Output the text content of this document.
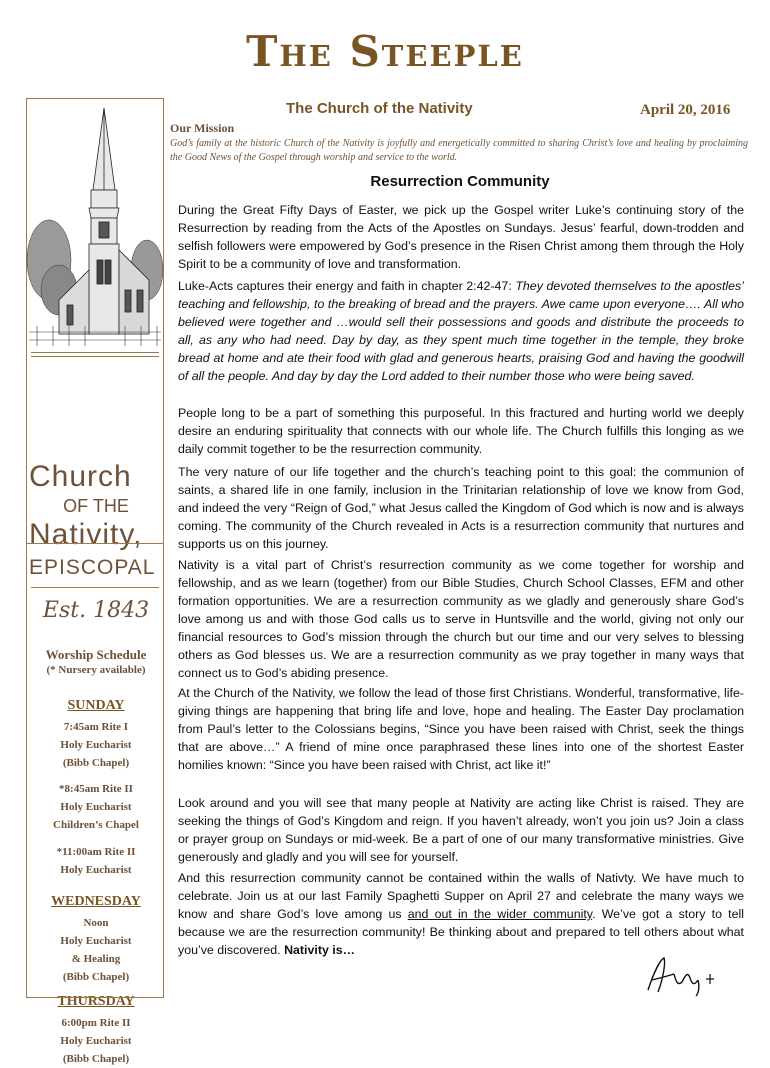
The Steeple
The Church of the Nativity	April 20, 2016
Church
OF THE
Nativity,
EPISCOPAL
Est. 1843
Worship Schedule
(* Nursery available)
SUNDAY
7:45am Rite I
Holy Eucharist
(Bibb Chapel)
*8:45am Rite II
Holy Eucharist
Children’s Chapel
*11:00am Rite II
Holy Eucharist
WEDNESDAY
Noon
Holy Eucharist
& Healing
(Bibb Chapel)
THURSDAY
6:00pm Rite II
Holy Eucharist
(Bibb Chapel)
Our Mission
God’s family at the historic Church of the Nativity is joyfully and energetically committed to sharing Christ’s love and healing by proclaiming the Good News of the Gospel through worship and service to the world.
Resurrection Community
During the Great Fifty Days of Easter, we pick up the Gospel writer Luke’s continuing story of the Resurrection by reading from the Acts of the Apostles on Sundays. Jesus’ fearful, down-trodden and selfish followers were empowered by God’s presence in the Risen Christ among them through the Holy Spirit to be a community of love and transformation.
Luke-Acts captures their energy and faith in chapter 2:42-47: They devoted themselves to the apostles’ teaching and fellowship, to the breaking of bread and the prayers. Awe came upon everyone…. All who believed were together and …would sell their possessions and goods and distribute the proceeds to all, as any who had need. Day by day, as they spent much time together in the temple, they broke bread at home and ate their food with glad and generous hearts, praising God and having the goodwill of all the people. And day by day the Lord added to their number those who were being saved.
People long to be a part of something this purposeful. In this fractured and hurting world we deeply desire an enduring spirituality that connects with our whole life. The Church fulfills this longing as we daily commit together to be the resurrection community.
The very nature of our life together and the church’s teaching point to this goal: the communion of saints, a shared life in one family, inclusion in the Trinitarian relationship of love we know from God, and indeed the very “Reign of God,” what Jesus called the Kingdom of God which is now and is always coming. The community of the Church revealed in Acts is a resurrection community that nurtures and supports us on this journey.
Nativity is a vital part of Christ’s resurrection community as we come together for worship and fellowship, and as we learn (together) from our Bible Studies, Church School Classes, EFM and other formation opportunities. We are a resurrection community as we gladly and generously share God’s love among us and with those God calls us to serve in Huntsville and the world, giving not only our financial resources to God’s mission through the church but our time and our very selves to blessing others as God blesses us. We are a resurrection community as we pray together in many ways that connect us to God’s abiding presence.
At the Church of the Nativity, we follow the lead of those first Christians. Wonderful, transformative, life-giving things are happening that bring life and love, hope and healing. The Easter Day proclamation from Paul’s letter to the Colossians begins, “Since you have been raised with Christ, seek the things that are above…” A friend of mine once paraphrased these lines into one of the shortest Easter homilies known: “Since you have been raised with Christ, act like it!”
Look around and you will see that many people at Nativity are acting like Christ is raised. They are seeking the things of God’s Kingdom and reign. If you haven’t already, won’t you join us? Join a class or prayer group on Sundays or mid-week. Be a part of one of our many transformative ministries. Give generously and gladly and you will see for yourself.
And this resurrection community cannot be contained within the walls of Nativty. We have much to celebrate. Join us at our last Family Spaghetti Supper on April 27 and celebrate the many ways we know and share God’s love among us and out in the wider community. We’ve got a story to tell because we are the resurrection community! Be thinking about and prepared to tell others about what you’ve discovered. Nativity is…
